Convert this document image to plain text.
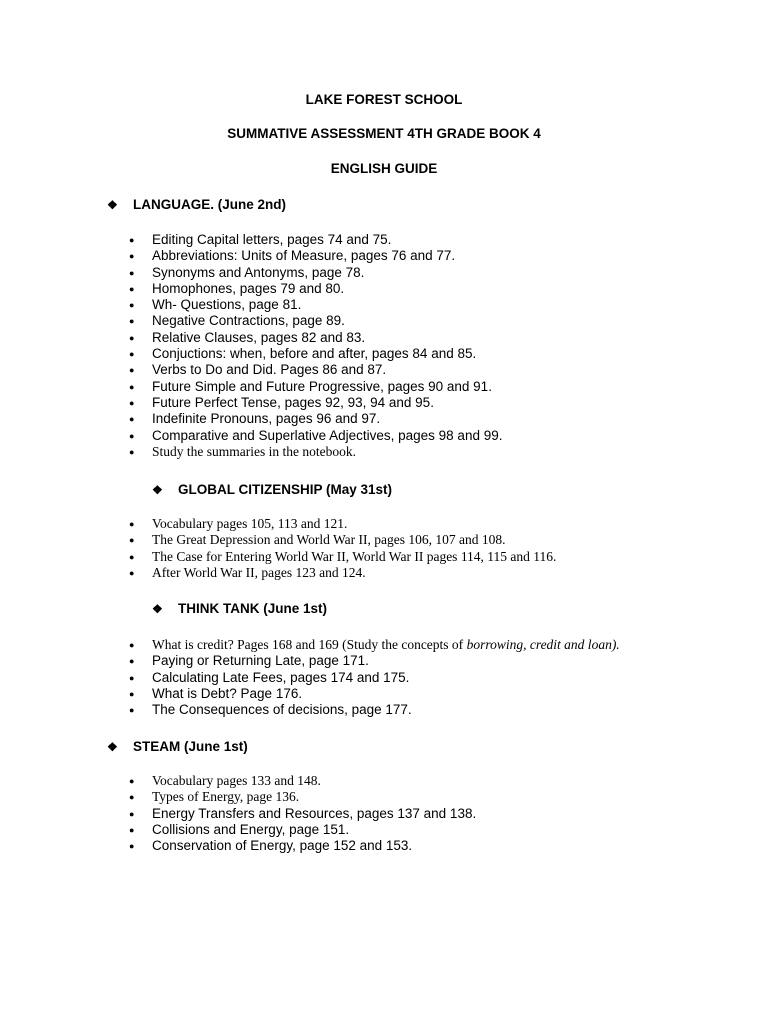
LAKE FOREST SCHOOL
SUMMATIVE ASSESSMENT 4TH GRADE BOOK 4
ENGLISH GUIDE
❖ LANGUAGE. (June 2nd)
● Editing Capital letters, pages 74 and 75.
● Abbreviations: Units of Measure, pages 76 and 77.
● Synonyms and Antonyms, page 78.
● Homophones, pages 79 and 80.
● Wh- Questions, page 81.
● Negative Contractions, page 89.
● Relative Clauses, pages 82 and 83.
● Conjuctions: when, before and after, pages 84 and 85.
● Verbs to Do and Did. Pages 86 and 87.
● Future Simple and Future Progressive, pages 90 and 91.
● Future Perfect Tense, pages 92, 93, 94 and 95.
● Indefinite Pronouns, pages 96 and 97.
● Comparative and Superlative Adjectives, pages 98 and 99.
● Study the summaries in the notebook.
❖ GLOBAL CITIZENSHIP (May 31st)
● Vocabulary pages 105, 113 and 121.
● The Great Depression and World War II, pages 106, 107 and 108.
● The Case for Entering World War II, World War II pages 114, 115 and 116.
● After World War II, pages 123 and 124.
❖ THINK TANK (June 1st)
● What is credit? Pages 168 and 169 (Study the concepts of borrowing, credit and loan).
● Paying or Returning Late, page 171.
● Calculating Late Fees, pages 174 and 175.
● What is Debt? Page 176.
● The Consequences of decisions, page 177.
❖ STEAM (June 1st)
● Vocabulary pages 133 and 148.
● Types of Energy, page 136.
● Energy Transfers and Resources, pages 137 and 138.
● Collisions and Energy, page 151.
● Conservation of Energy, page 152 and 153.
